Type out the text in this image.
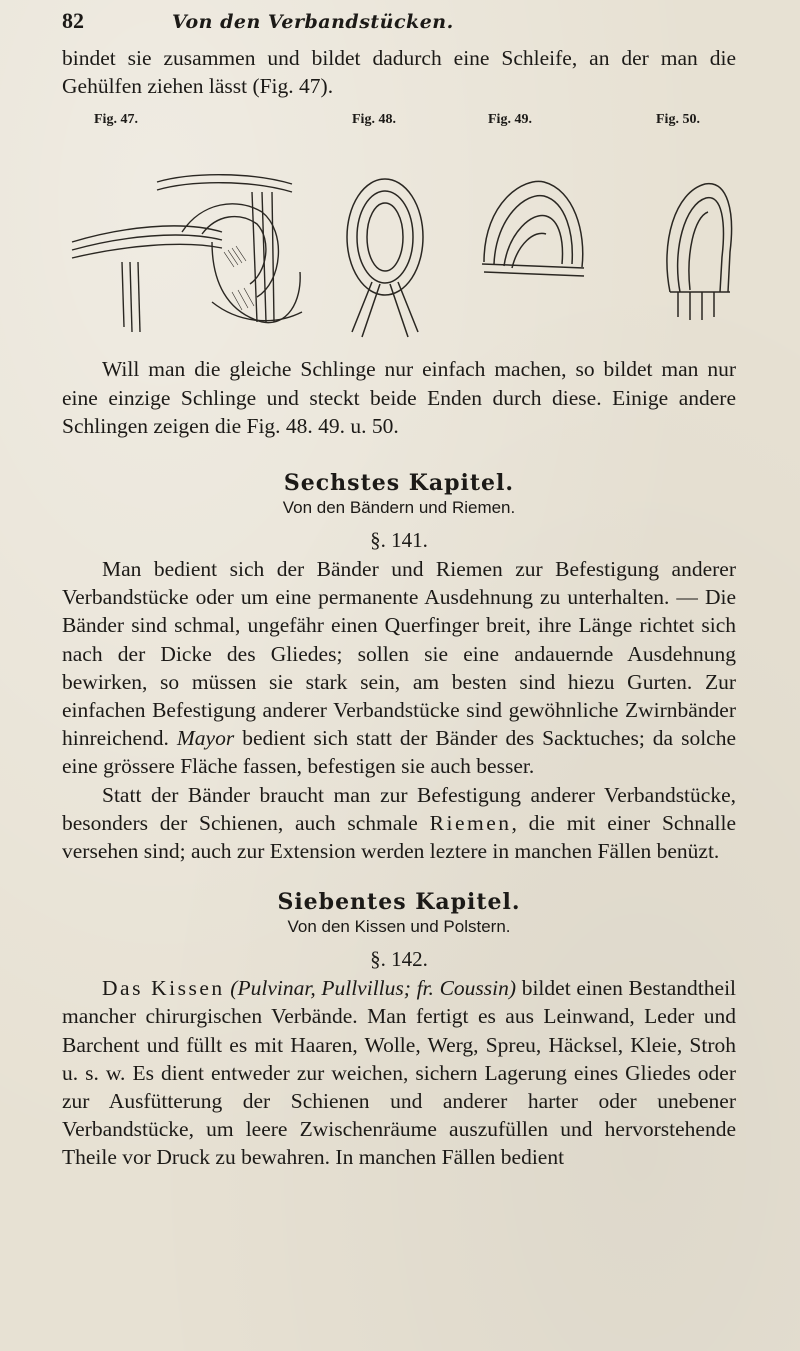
82	Von den Verbandstücken.

bindet sie zusammen und bildet dadurch eine Schleife, an der man die Gehülfen ziehen lässt (Fig. 47).

Fig. 47.	Fig. 48.	Fig. 49.	Fig. 50.

Will man die gleiche Schlinge nur einfach machen, so bildet man nur eine einzige Schlinge und steckt beide Enden durch diese. Einige andere Schlingen zeigen die Fig. 48. 49. u. 50.

Sechstes Kapitel.
Von den Bändern und Riemen.
§. 141.

Man bedient sich der Bänder und Riemen zur Befestigung anderer Verbandstücke oder um eine permanente Ausdehnung zu unterhalten. — Die Bänder sind schmal, ungefähr einen Querfinger breit, ihre Länge richtet sich nach der Dicke des Gliedes; sollen sie eine andauernde Ausdehnung bewirken, so müssen sie stark sein, am besten sind hiezu Gurten. Zur einfachen Befestigung anderer Verbandstücke sind gewöhnliche Zwirnbänder hinreichend. Mayor bedient sich statt der Bänder des Sacktuches; da solche eine grössere Fläche fassen, befestigen sie auch besser.

Statt der Bänder braucht man zur Befestigung anderer Verbandstücke, besonders der Schienen, auch schmale Riemen, die mit einer Schnalle versehen sind; auch zur Extension werden leztere in manchen Fällen benüzt.

Siebentes Kapitel.
Von den Kissen und Polstern.
§. 142.

Das Kissen (Pulvinar, Pullvillus; fr. Coussin) bildet einen Bestandtheil mancher chirurgischen Verbände. Man fertigt es aus Leinwand, Leder und Barchent und füllt es mit Haaren, Wolle, Werg, Spreu, Häcksel, Kleie, Stroh u. s. w. Es dient entweder zur weichen, sichern Lagerung eines Gliedes oder zur Ausfütterung der Schienen und anderer harter oder unebener Verbandstücke, um leere Zwischenräume auszufüllen und hervorstehende Theile vor Druck zu bewahren. In manchen Fällen bedient
